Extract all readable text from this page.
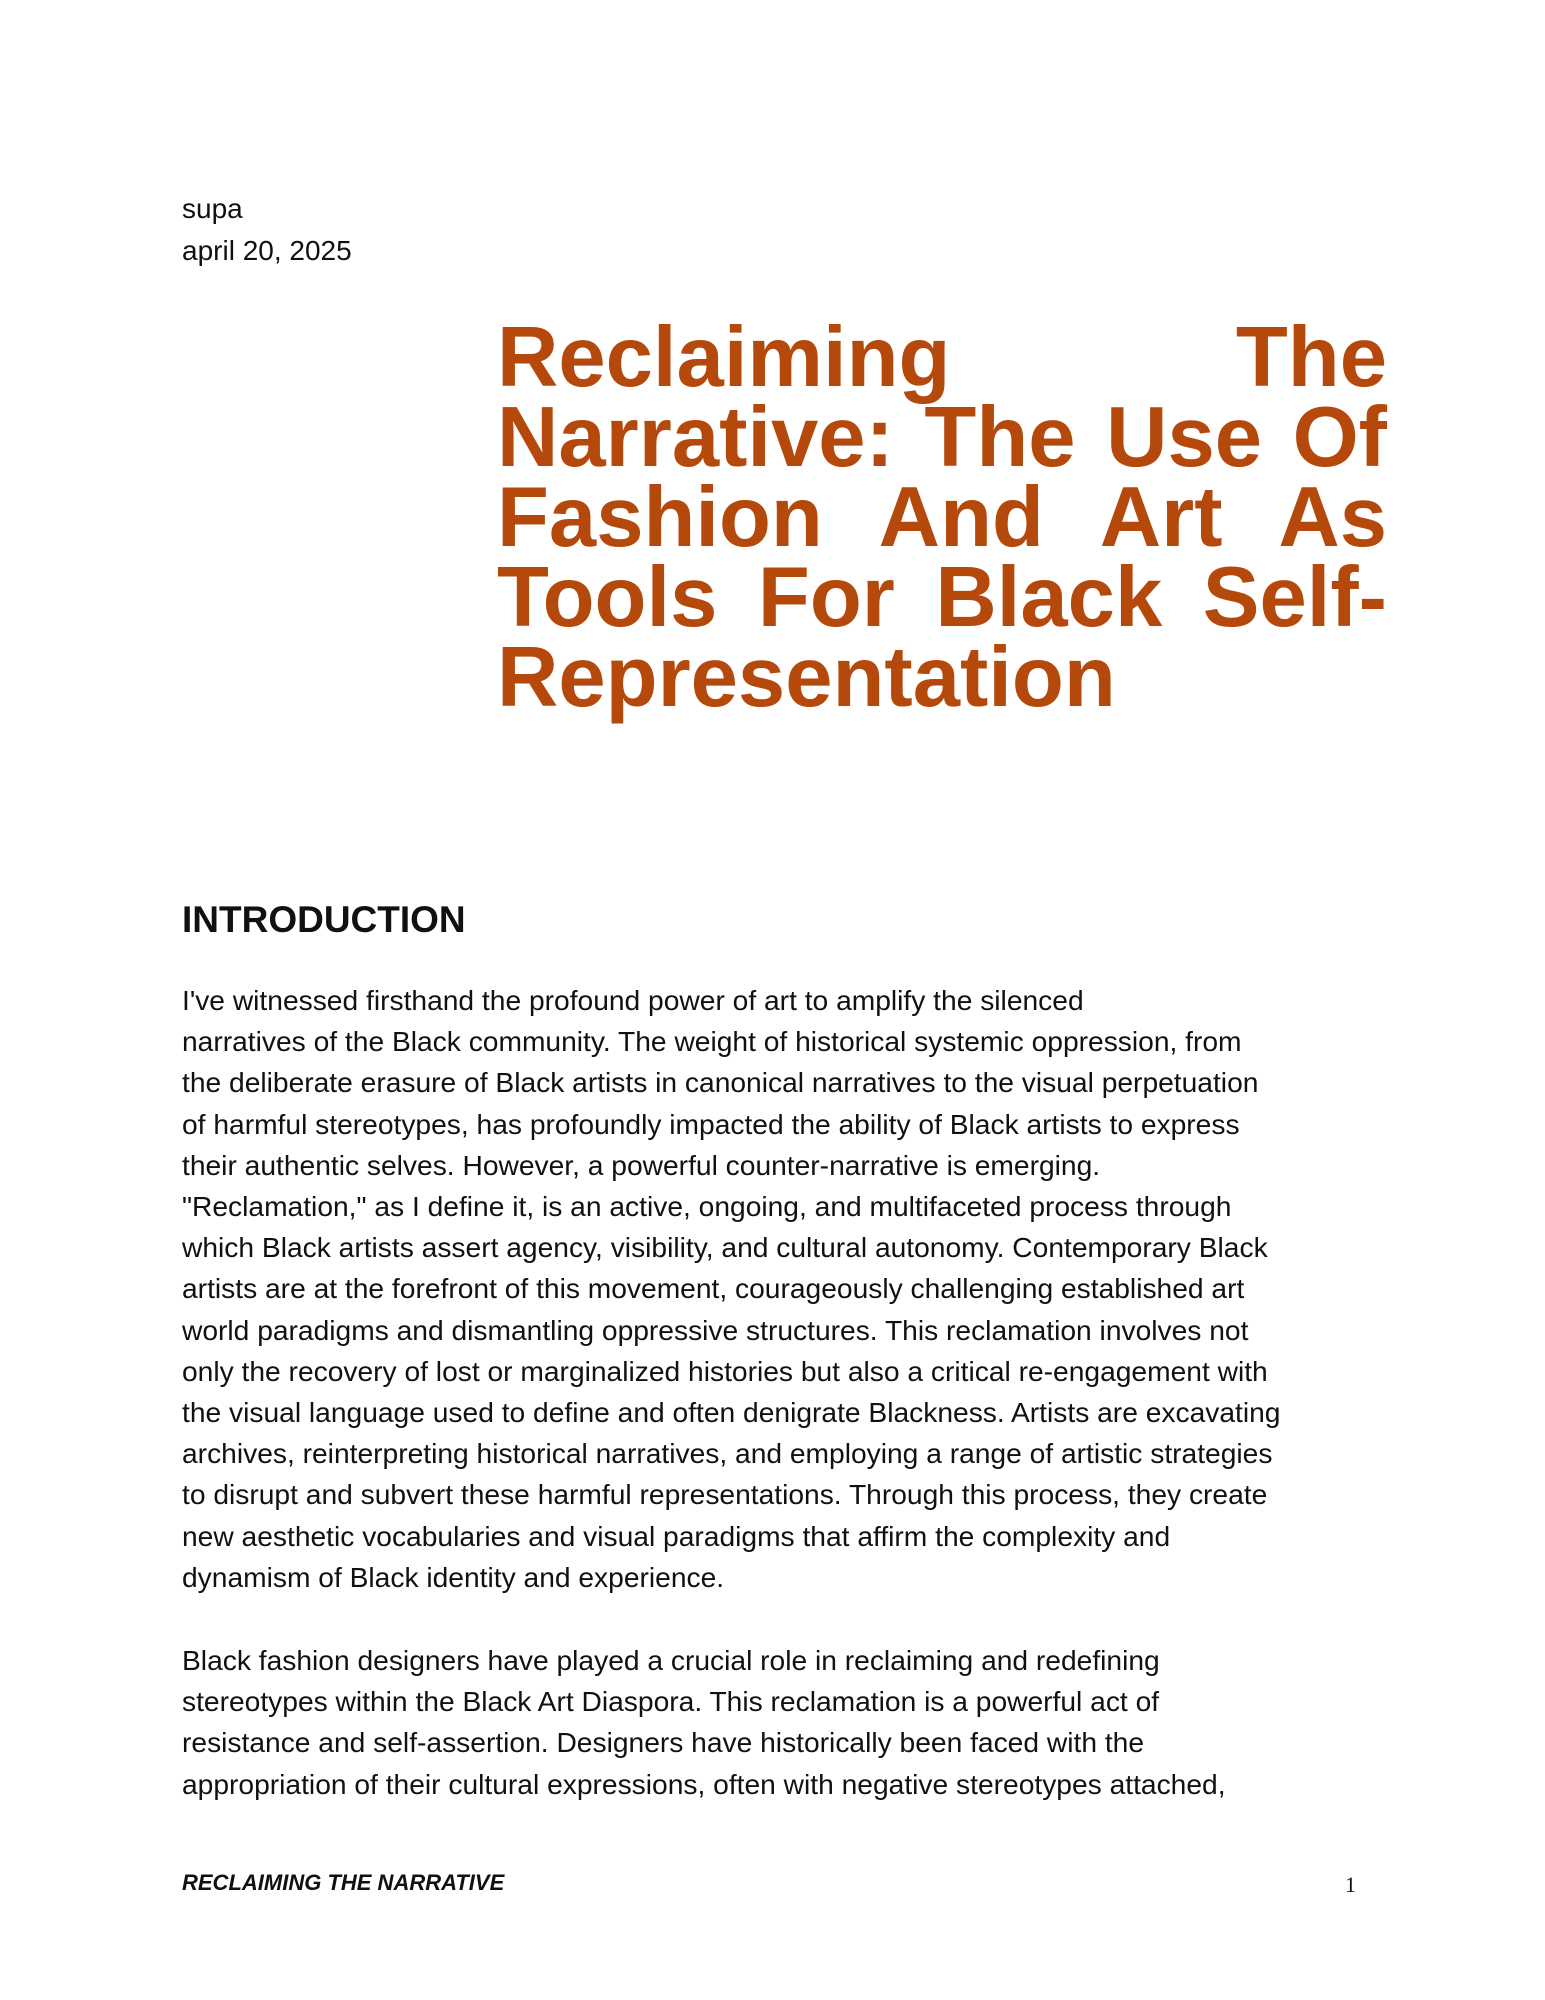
supa

april 20, 2025

Reclaiming The Narrative: The Use Of Fashion And Art As Tools For Black Self-Representation
INTRODUCTION
I've witnessed firsthand the profound power of art to amplify the silenced
narratives of the Black community. The weight of historical systemic oppression, from
the deliberate erasure of Black artists in canonical narratives to the visual perpetuation
of harmful stereotypes, has profoundly impacted the ability of Black artists to express
their authentic selves. However, a powerful counter-narrative is emerging.
"Reclamation," as I define it, is an active, ongoing, and multifaceted process through
which Black artists assert agency, visibility, and cultural autonomy. Contemporary Black
artists are at the forefront of this movement, courageously challenging established art
world paradigms and dismantling oppressive structures. This reclamation involves not
only the recovery of lost or marginalized histories but also a critical re-engagement with
the visual language used to define and often denigrate Blackness. Artists are excavating
archives, reinterpreting historical narratives, and employing a range of artistic strategies
to disrupt and subvert these harmful representations. Through this process, they create
new aesthetic vocabularies and visual paradigms that affirm the complexity and
dynamism of Black identity and experience.
Black fashion designers have played a crucial role in reclaiming and redefining
stereotypes within the Black Art Diaspora. This reclamation is a powerful act of
resistance and self-assertion. Designers have historically been faced with the
appropriation of their cultural expressions, often with negative stereotypes attached,

RECLAIMING THE NARRATIVE	1
